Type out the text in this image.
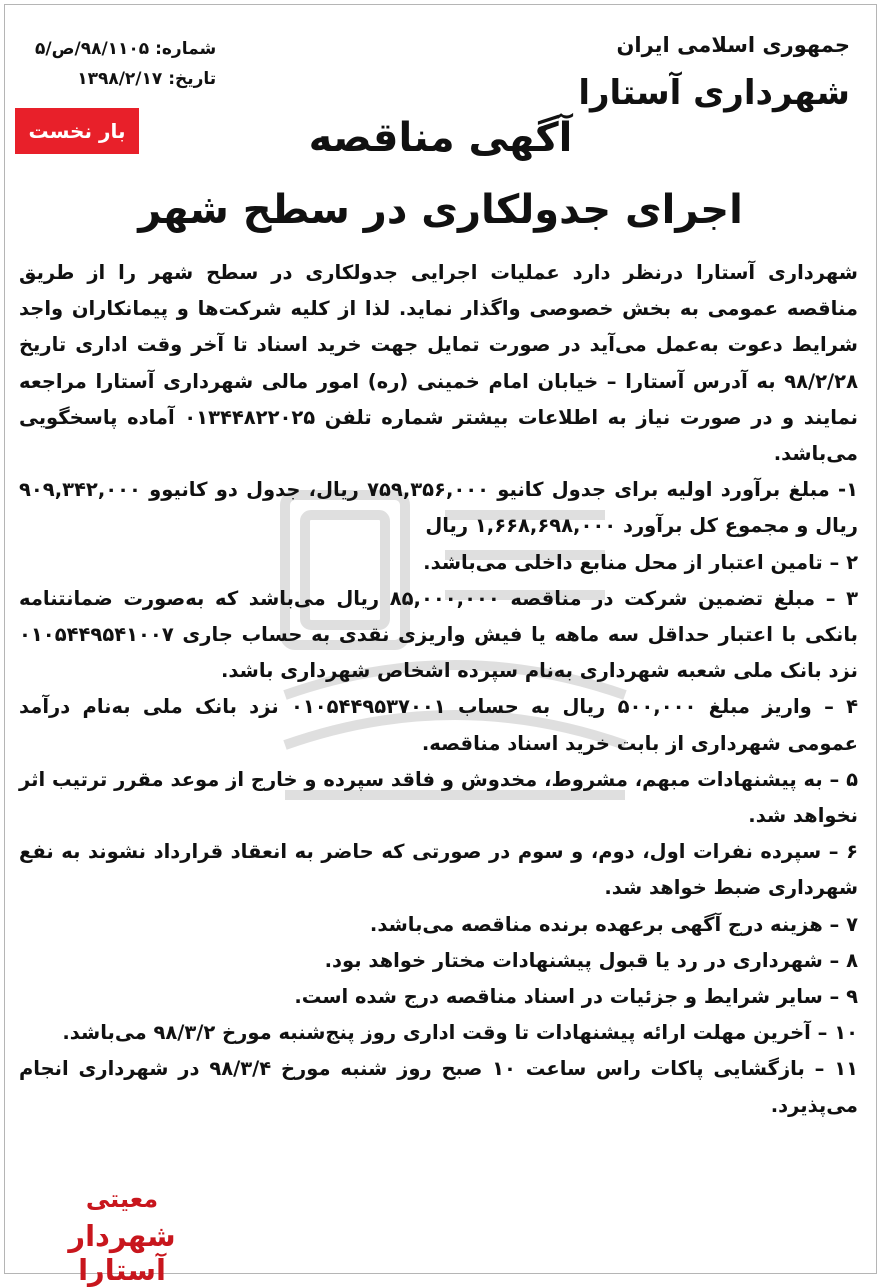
جمهوری اسلامی ایران
شهرداری آستارا
شماره: ۹۸/۱۱۰۵/ص/۵
تاریخ: ۱۳۹۸/۲/۱۷
بار نخست	آگهی مناقصه
اجرای جدولکاری در سطح شهر

شهرداری آستارا درنظر دارد عملیات اجرایی جدولکاری در سطح شهر را از طریق مناقصه عمومی به بخش خصوصی واگذار نماید. لذا از کلیه شرکت‌ها و پیمانکاران واجد شرایط دعوت به‌عمل می‌آید در صورت تمایل جهت خرید اسناد تا آخر وقت اداری تاریخ ۹۸/۲/۲۸ به آدرس آستارا – خیابان امام خمینی (ره) امور مالی شهرداری آستارا مراجعه نمایند و در صورت نیاز به اطلاعات بیشتر شماره تلفن ۰۱۳۴۴۸۲۲۰۲۵ آماده پاسخگویی می‌باشد.

۱- مبلغ برآورد اولیه برای جدول کانیو ۷۵۹,۳۵۶,۰۰۰ ریال، جدول دو کانیوو ۹۰۹,۳۴۲,۰۰۰ ریال و مجموع کل برآورد ۱,۶۶۸,۶۹۸,۰۰۰ ریال

۲ – تامین اعتبار از محل منابع داخلی می‌باشد.

۳ – مبلغ تضمین شرکت در مناقصه ۸۵,۰۰۰,۰۰۰ ریال می‌باشد که به‌صورت ضمانتنامه بانکی با اعتبار حداقل سه ماهه یا فیش واریزی نقدی به حساب جاری ۰۱۰۵۴۴۹۵۴۱۰۰۷ نزد بانک ملی شعبه شهرداری به‌نام سپرده اشخاص شهرداری باشد.

۴ – واریز مبلغ ۵۰۰,۰۰۰ ریال به حساب ۰۱۰۵۴۴۹۵۳۷۰۰۱ نزد بانک ملی به‌نام درآمد عمومی شهرداری از بابت خرید اسناد مناقصه.

۵ – به پیشنهادات مبهم، مشروط، مخدوش و فاقد سپرده و خارج از موعد مقرر ترتیب اثر نخواهد شد.

۶ – سپرده نفرات اول، دوم، و سوم در صورتی که حاضر به انعقاد قرارداد نشوند به نفع شهرداری ضبط خواهد شد.

۷ – هزینه درج آگهی برعهده برنده مناقصه می‌باشد.

۸ – شهرداری در رد یا قبول پیشنهادات مختار خواهد بود.

۹ – سایر شرایط و جزئیات در اسناد مناقصه درج شده است.

۱۰ – آخرین مهلت ارائه پیشنهادات تا وقت اداری روز پنج‌شنبه مورخ ۹۸/۳/۲ می‌باشد.

۱۱ – بازگشایی پاکات راس ساعت ۱۰ صبح روز شنبه مورخ ۹۸/۳/۴ در شهرداری انجام می‌پذیرد.

معیتی
شهردار آستارا
